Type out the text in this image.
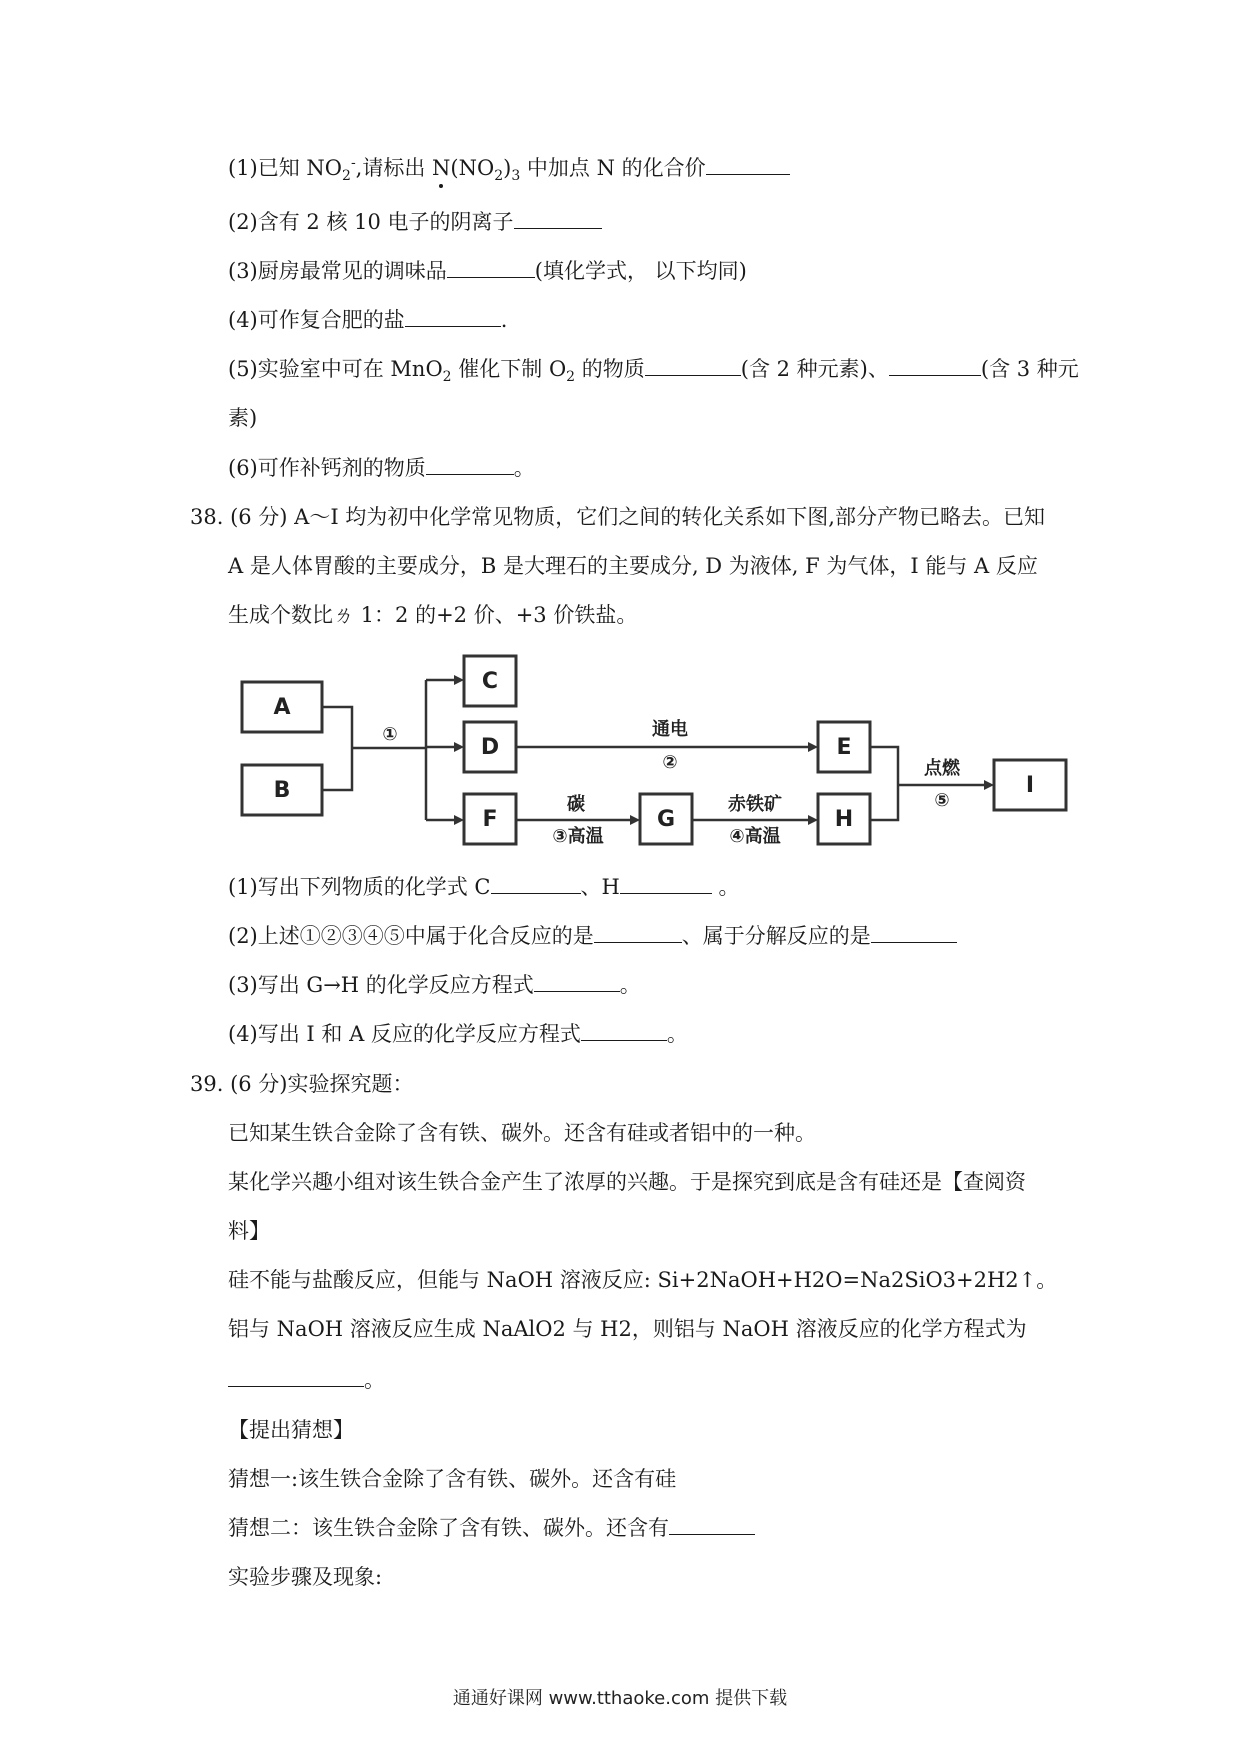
(1)已知 $NO_2^-$,请标出 $N(NO_2)_3$ 中加点 N 的化合价
(2)含有 2 核 10 电子的阴离子
(3)厨房最常见的调味品	(填化学式， 以下均同)
(4)可作复合肥的盐	.
(5)实验室中可在 MnO$_2$ 催化下制 $O_2$ 的物质	(含 2 种元素)、	(含 3 种元
素)
(6)可作补钙剂的物质	。
38. (6 分) A～I 均为初中化学常见物质，它们之间的转化关系如下图,部分产物已略去。已知
A 是人体胃酸的主要成分，B 是大理石的主要成分, D 为液体, F 为气体，I 能与 A 反应
生成个数比ㄌ 1：2 的+2 价、+3 价铁盐。
A
B
C
D	E
F	G	H
I
①	通电
②
碳
③高温
赤铁矿
④高温
点燃
⑤
(1)写出下列物质的化学式 C	、H	。
(2)上述①②③④⑤中属于化合反应的是	、属于分解反应的是
(3)写出 G→H 的化学反应方程式	。
(4)写出 I 和 A 反应的化学反应方程式	。
39. (6 分)实验探究题：
已知某生铁合金除了含有铁、碳外。还含有硅或者铝中的一种。
某化学兴趣小组对该生铁合金产生了浓厚的兴趣。于是探究到底是含有硅还是【查阅资
料】
硅不能与盐酸反应，但能与 NaOH 溶液反应: Si+2NaOH+H2O=Na2SiO3+2H2↑。
铝与 NaOH 溶液反应生成 NaAlO2 与 H2，则铝与 NaOH 溶液反应的化学方程式为
。
【提出猜想】
猜想一:该生铁合金除了含有铁、碳外。还含有硅
猜想二：该生铁合金除了含有铁、碳外。还含有
实验步骤及现象:
通通好课网 www.tthaoke.com 提供下载
